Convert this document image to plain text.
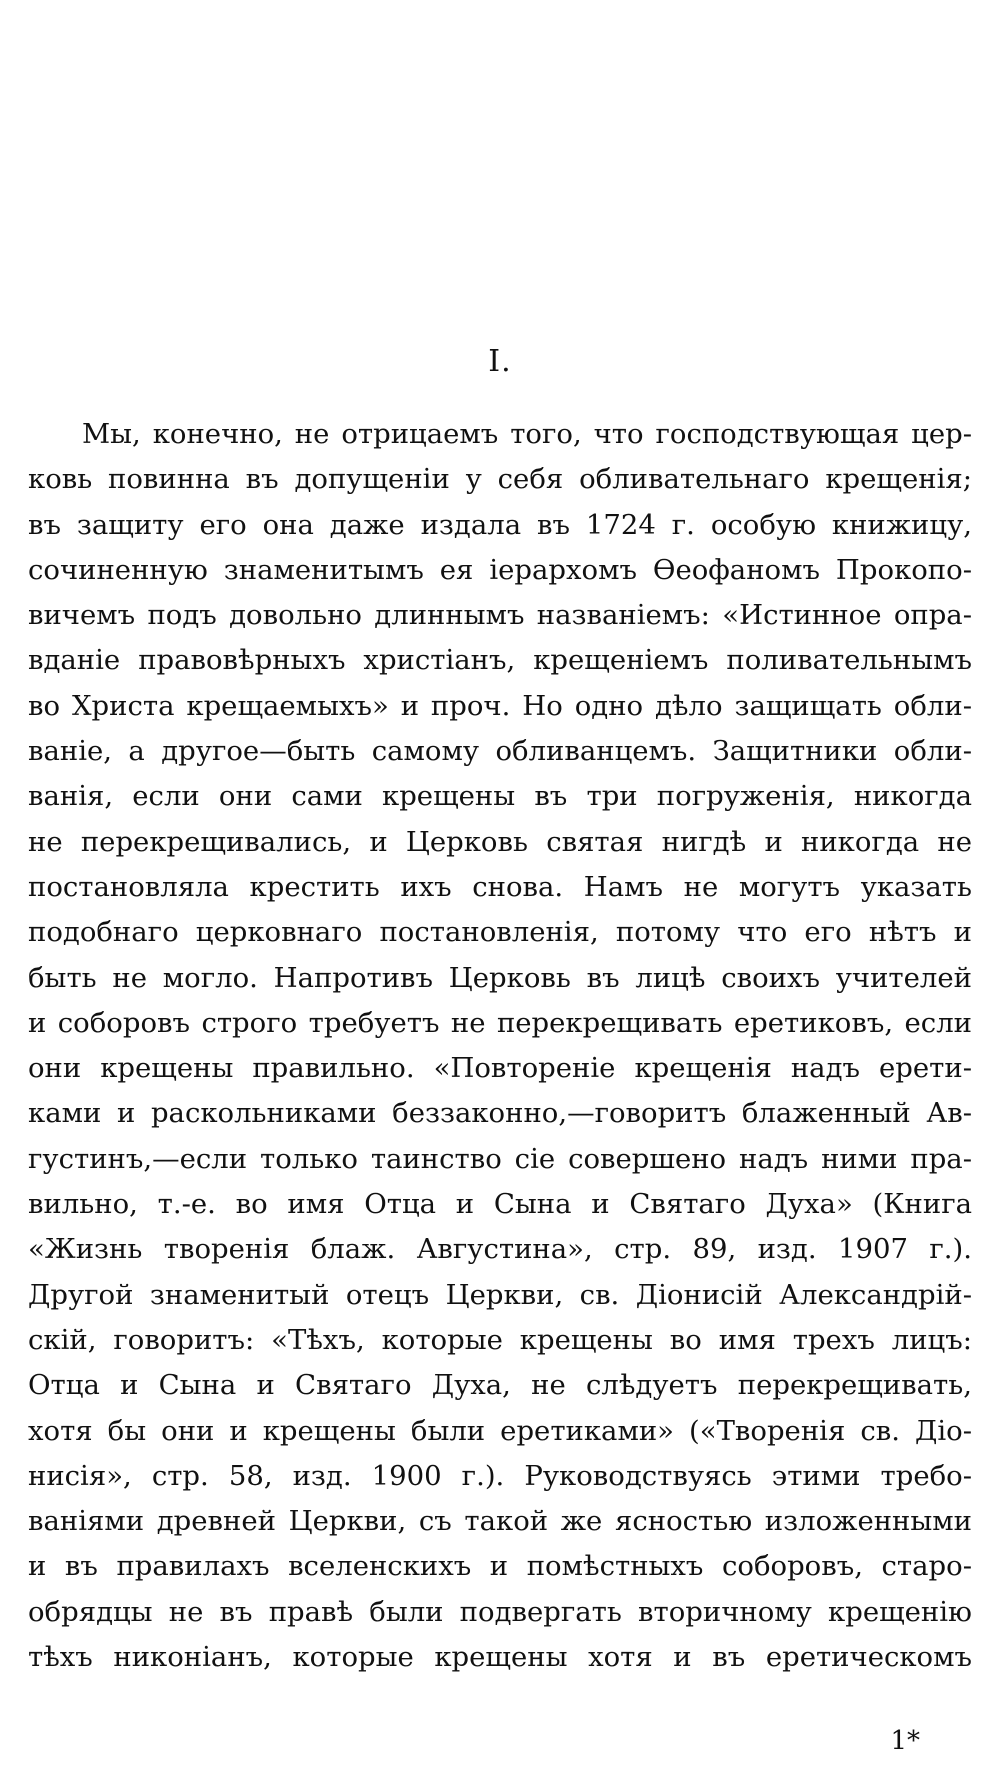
I.
Мы, конечно, не отрицаемъ того, что господствующая цер-
ковь повинна въ допущеніи у себя обливательнаго крещенія;
въ защиту его она даже издала въ 1724 г. особую книжицу,
сочиненную знаменитымъ ея іерархомъ Ѳеофаномъ Прокопо-
вичемъ подъ довольно длиннымъ названіемъ: «Истинное опра-
вданіе правовѣрныхъ христіанъ, крещеніемъ поливательнымъ
во Христа крещаемыхъ» и проч. Но одно дѣло защищать обли-
ваніе, а другое—быть самому обливанцемъ. Защитники обли-
ванія, если они сами крещены въ три погруженія, никогда
не перекрещивались, и Церковь святая нигдѣ и никогда не
постановляла крестить ихъ снова. Намъ не могутъ указать
подобнаго церковнаго постановленія, потому что его нѣтъ и
быть не могло. Напротивъ Церковь въ лицѣ своихъ учителей
и соборовъ строго требуетъ не перекрещивать еретиковъ, если
они крещены правильно. «Повтореніе крещенія надъ ерети-
ками и раскольниками беззаконно,—говоритъ блаженный Ав-
густинъ,—если только таинство сіе совершено надъ ними пра-
вильно, т.-е. во имя Отца и Сына и Святаго Духа» (Книга
«Жизнь творенія блаж. Августина», стр. 89, изд. 1907 г.).
Другой знаменитый отецъ Церкви, св. Діонисій Александрій-
скій, говоритъ: «Тѣхъ, которые крещены во имя трехъ лицъ:
Отца и Сына и Святаго Духа, не слѣдуетъ перекрещивать,
хотя бы они и крещены были еретиками» («Творенія св. Діо-
нисія», стр. 58, изд. 1900 г.). Руководствуясь этими требо-
ваніями древней Церкви, съ такой же ясностью изложенными
и въ правилахъ вселенскихъ и помѣстныхъ соборовъ, старо-
обрядцы не въ правѣ были подвергать вторичному крещенію
тѣхъ никоніанъ, которые крещены хотя и въ еретическомъ
1*
